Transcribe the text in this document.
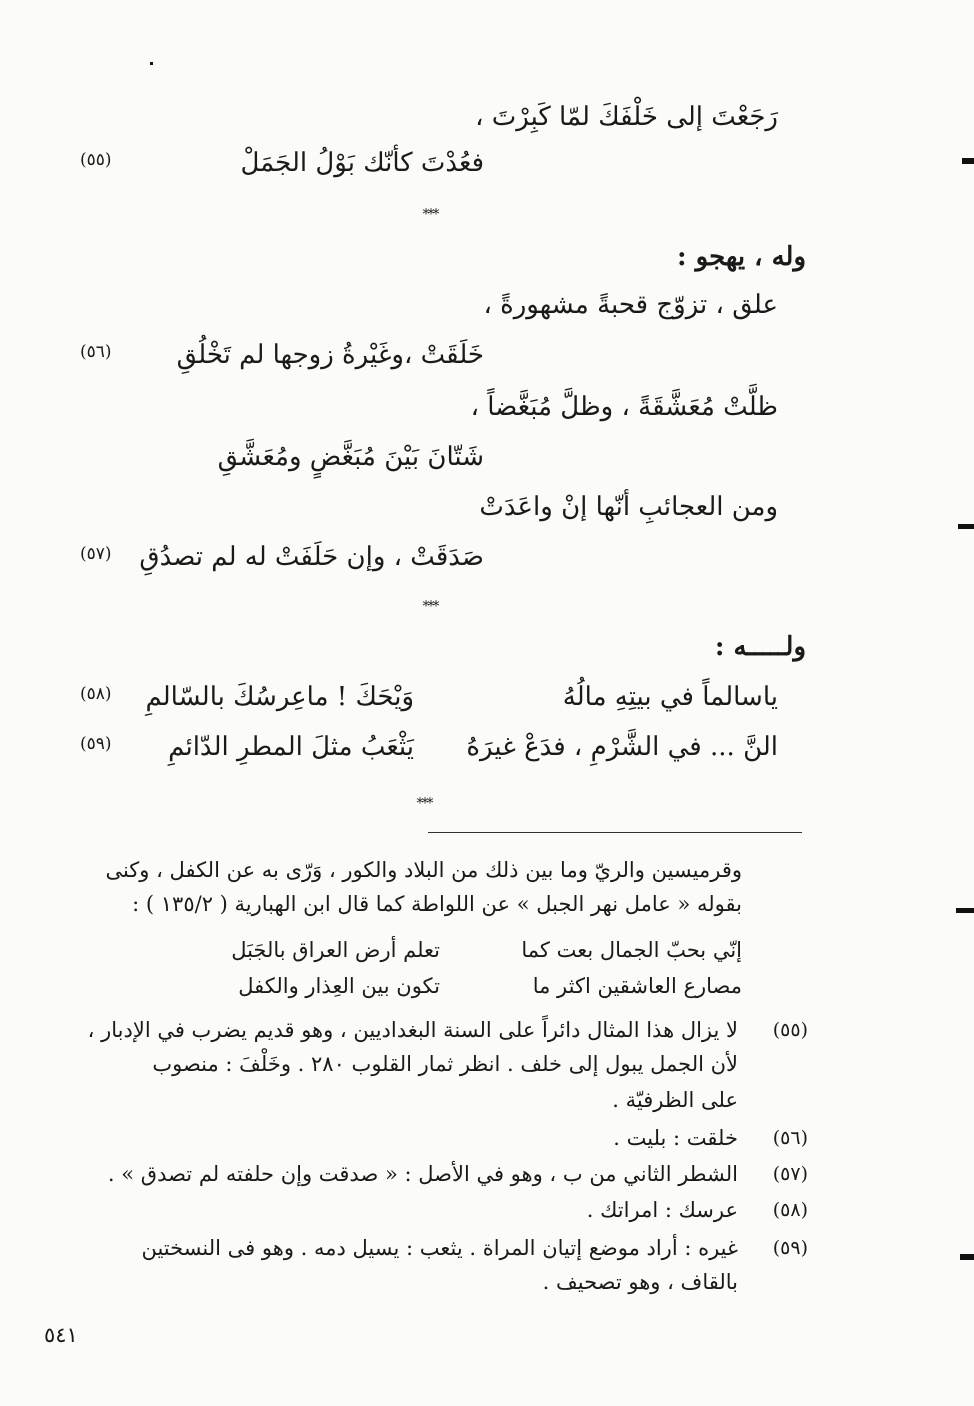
رَجَعْتَ إلى خَلْفَكَ لمّا كَبِرْتَ ،
فعُدْتَ كأنّك بَوْلُ الجَمَلْ
(٥٥)
⁎⁎⁎
وله ، يهجو :
علق ، تزوّج قحبةً مشهورةً ،
خَلَقَتْ ،وغَيْرةُ زوجها لم تَخْلُقِ
(٥٦)
ظلَّتْ مُعَشَّقَةً ، وظلَّ مُبَغَّضاً ،
شَتّانَ بَيْنَ مُبَغَّضٍ ومُعَشَّقِ
ومن العجائبِ أنّها إنْ واعَدَتْ
صَدَقَتْ ، وإن حَلَفَتْ له لم تصدُقِ
(٥٧)
⁎⁎⁎
ولـــــه :
ياسالماً في بيتِهِ مالُهُ
وَيْحَكَ ! ماعِرسُكَ بالسّالمِ
(٥٨)
النَّ ... في الشَّرْمِ ، فدَعْ غيرَهُ
يَثْعَبُ مثلَ المطرِ الدّائمِ
(٥٩)
⁎⁎⁎
وقرميسين والريّ وما بين ذلك من البلاد والكور ، وَرّى به عن الكفل ، وكنى
بقوله « عامل نهر الجبل » عن اللواطة كما قال ابن الهبارية ( ١٣٥/٢ ) :
إنّي بحبّ الجمال بعت كما
تعلم أرض العراق بالجَبَل
مصارع العاشقين اكثر ما
تكون بين العِذار والكفل
(٥٥)
لا يزال هذا المثال دائراً على السنة البغداديين ، وهو قديم يضرب في الإدبار ،
لأن الجمل يبول إلى خلف . انظر ثمار القلوب ٢٨٠ . وخَلْفَ : منصوب
على الظرفيّة .
(٥٦)
خلقت : بليت .
(٥٧)
الشطر الثاني من ب ، وهو في الأصل : « صدقت وإن حلفته لم تصدق » .
(٥٨)
عرسك : امراتك .
(٥٩)
غيره : أراد موضع إتيان المراة . يثعب : يسيل دمه . وهو فى النسختين
بالقاف ، وهو تصحيف .
٥٤١
